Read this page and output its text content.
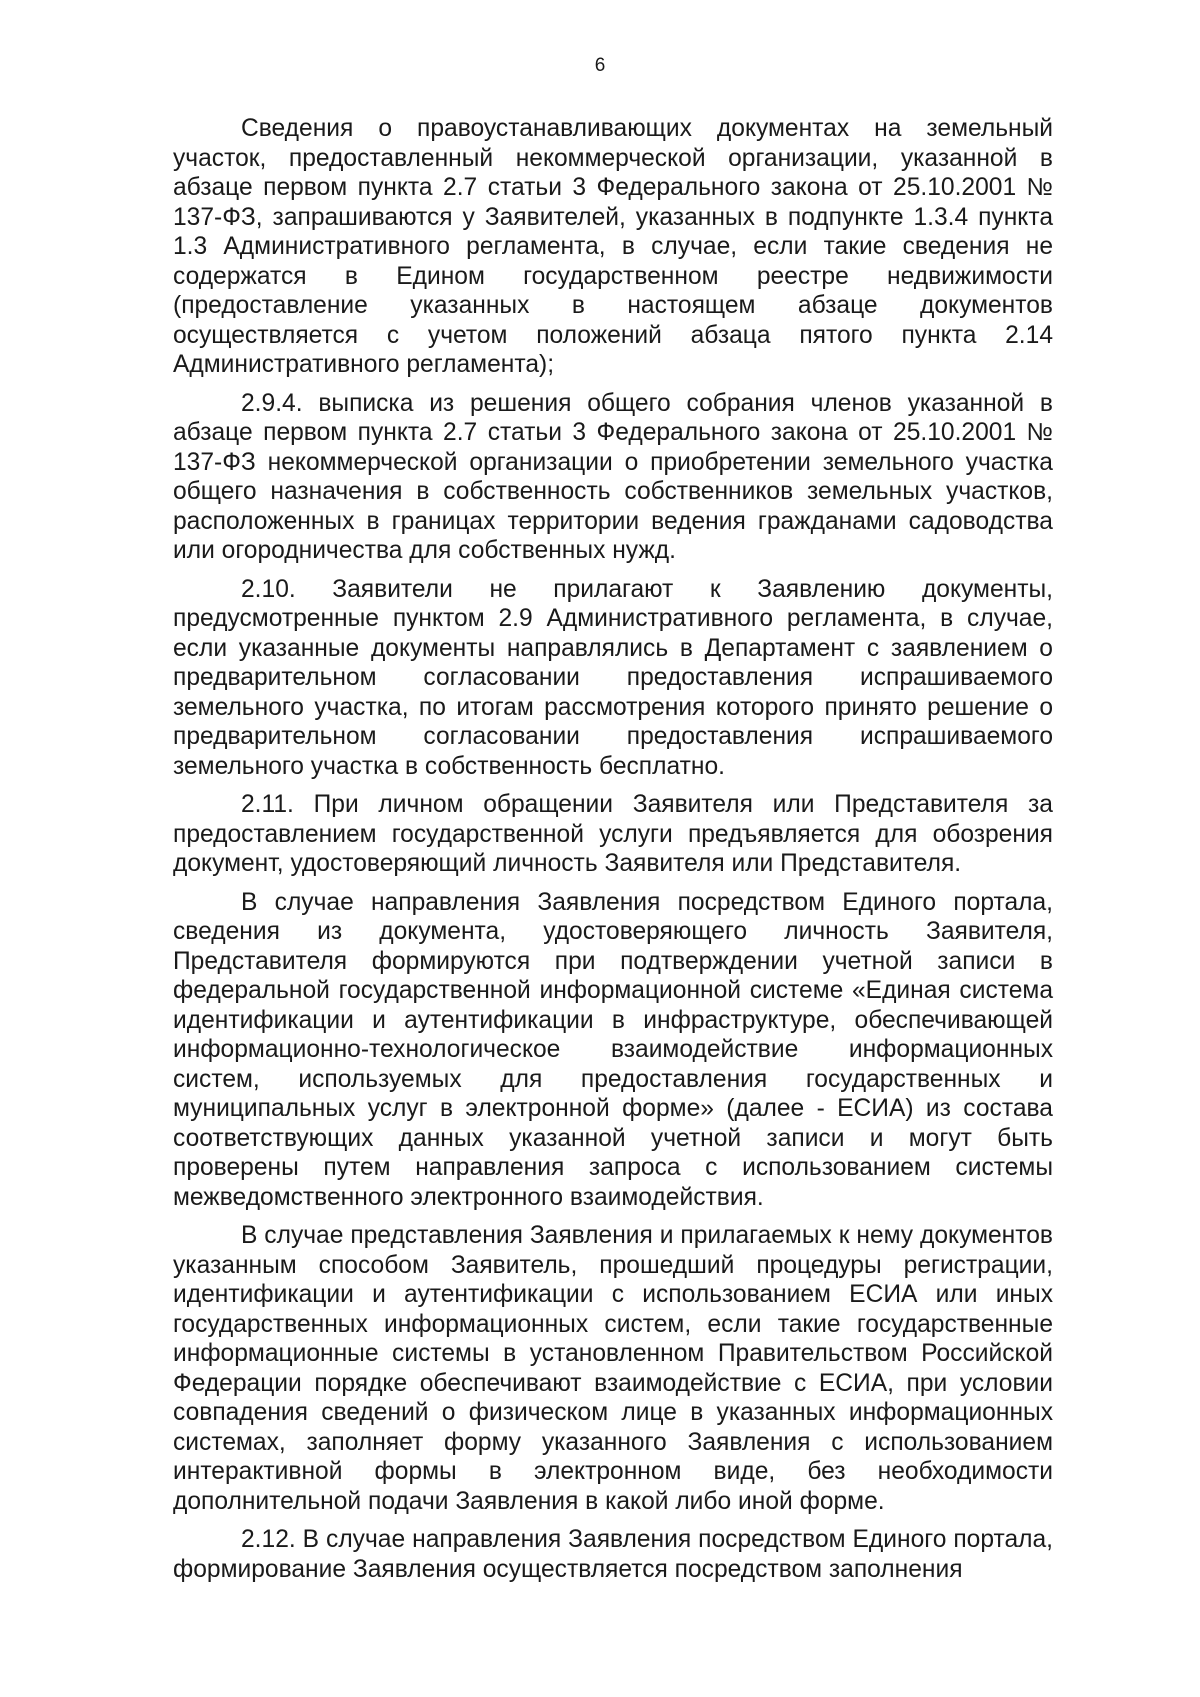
6

Сведения о правоустанавливающих документах на земельный участок, предоставленный некоммерческой организации, указанной в абзаце первом пункта 2.7 статьи 3 Федерального закона от 25.10.2001 № 137-ФЗ, запрашиваются у Заявителей, указанных в подпункте 1.3.4 пункта 1.3 Административного регламента, в случае, если такие сведения не содержатся в Едином государственном реестре недвижимости (предоставление указанных в настоящем абзаце документов осуществляется с учетом положений абзаца пятого пункта 2.14 Административного регламента);

2.9.4. выписка из решения общего собрания членов указанной в абзаце первом пункта 2.7 статьи 3 Федерального закона от 25.10.2001 № 137-ФЗ некоммерческой организации о приобретении земельного участка общего назначения в собственность собственников земельных участков, расположенных в границах территории ведения гражданами садоводства или огородничества для собственных нужд.

2.10. Заявители не прилагают к Заявлению документы, предусмотренные пунктом 2.9 Административного регламента, в случае, если указанные документы направлялись в Департамент с заявлением о предварительном согласовании предоставления испрашиваемого земельного участка, по итогам рассмотрения которого принято решение о предварительном согласовании предоставления испрашиваемого земельного участка в собственность бесплатно.

2.11. При личном обращении Заявителя или Представителя за предоставлением государственной услуги предъявляется для обозрения документ, удостоверяющий личность Заявителя или Представителя.

В случае направления Заявления посредством Единого портала, сведения из документа, удостоверяющего личность Заявителя, Представителя формируются при подтверждении учетной записи в федеральной государственной информационной системе «Единая система идентификации и аутентификации в инфраструктуре, обеспечивающей информационно-технологическое взаимодействие информационных систем, используемых для предоставления государственных и муниципальных услуг в электронной форме» (далее - ЕСИА) из состава соответствующих данных указанной учетной записи и могут быть проверены путем направления запроса с использованием системы межведомственного электронного взаимодействия.

В случае представления Заявления и прилагаемых к нему документов указанным способом Заявитель, прошедший процедуры регистрации, идентификации и аутентификации с использованием ЕСИА или иных государственных информационных систем, если такие государственные информационные системы в установленном Правительством Российской Федерации порядке обеспечивают взаимодействие с ЕСИА, при условии совпадения сведений о физическом лице в указанных информационных системах, заполняет форму указанного Заявления с использованием интерактивной формы в электронном виде, без необходимости дополнительной подачи Заявления в какой либо иной форме.

2.12. В случае направления Заявления посредством Единого портала, формирование Заявления осуществляется посредством заполнения
